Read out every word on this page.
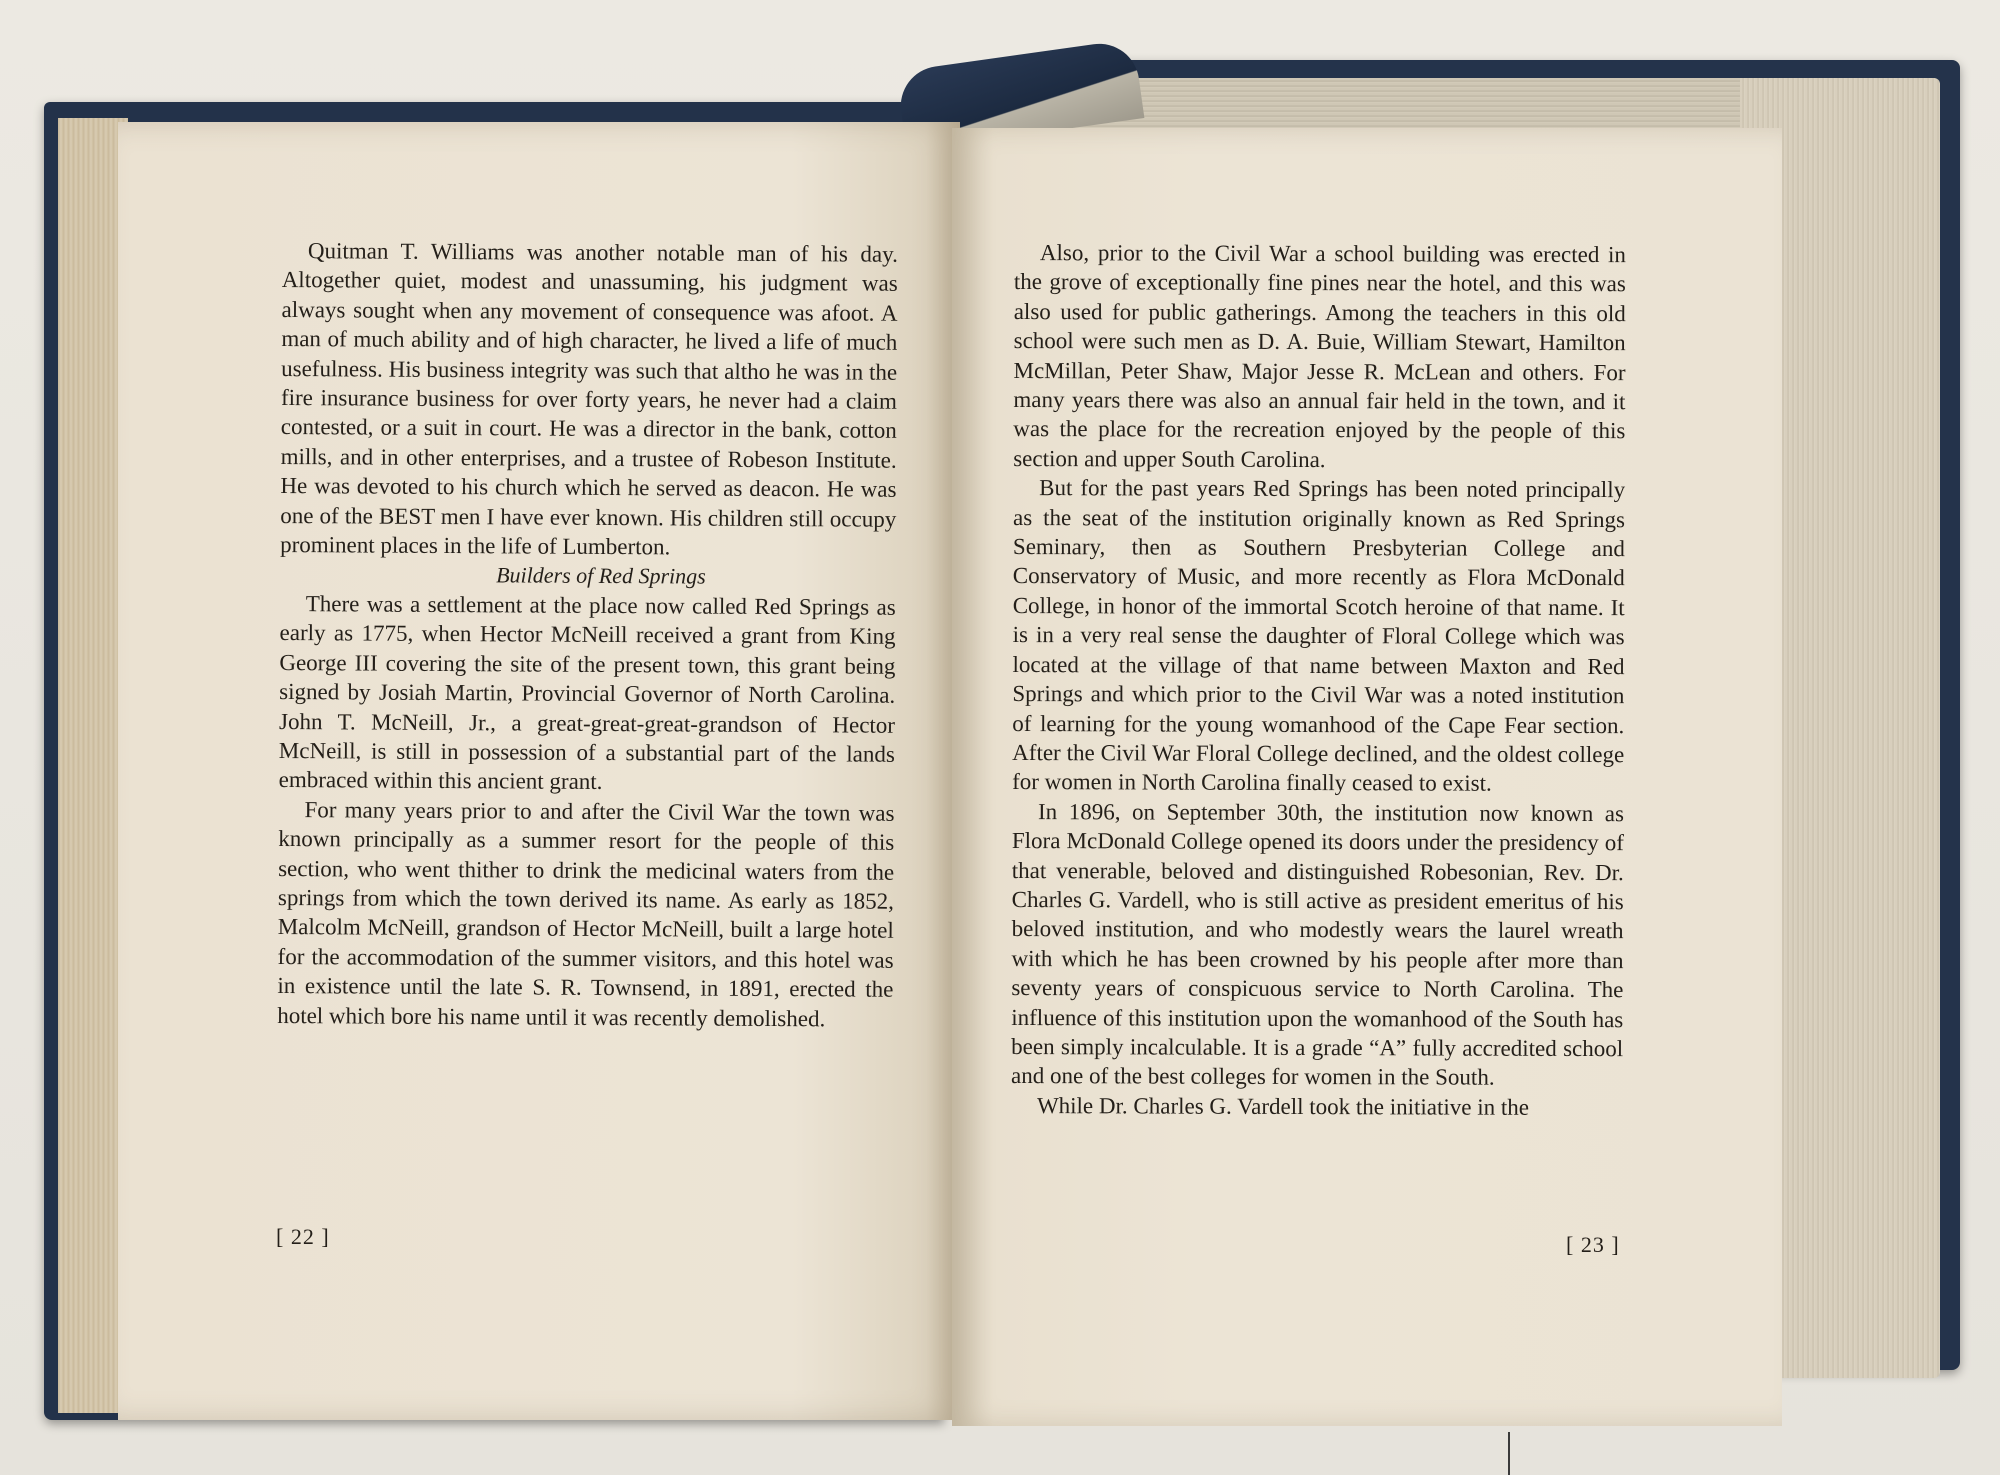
Quitman T. Williams was another notable man of his day. Altogether quiet, modest and unassuming, his judgment was always sought when any movement of consequence was afoot. A man of much ability and of high character, he lived a life of much usefulness. His business integrity was such that altho he was in the fire insurance business for over forty years, he never had a claim contested, or a suit in court. He was a director in the bank, cotton mills, and in other enterprises, and a trustee of Robeson Institute. He was devoted to his church which he served as deacon. He was one of the BEST men I have ever known. His children still occupy prominent places in the life of Lumberton.

Builders of Red Springs

There was a settlement at the place now called Red Springs as early as 1775, when Hector McNeill received a grant from King George III covering the site of the present town, this grant being signed by Josiah Martin, Provincial Governor of North Carolina. John T. McNeill, Jr., a great-great-great-grandson of Hector McNeill, is still in possession of a substantial part of the lands embraced within this ancient grant.

For many years prior to and after the Civil War the town was known principally as a summer resort for the people of this section, who went thither to drink the medicinal waters from the springs from which the town derived its name. As early as 1852, Malcolm McNeill, grandson of Hector McNeill, built a large hotel for the accommodation of the summer visitors, and this hotel was in existence until the late S. R. Townsend, in 1891, erected the hotel which bore his name until it was recently demolished.

[ 22 ]

Also, prior to the Civil War a school building was erected in the grove of exceptionally fine pines near the hotel, and this was also used for public gatherings. Among the teachers in this old school were such men as D. A. Buie, William Stewart, Hamilton McMillan, Peter Shaw, Major Jesse R. McLean and others. For many years there was also an annual fair held in the town, and it was the place for the recreation enjoyed by the people of this section and upper South Carolina.

But for the past years Red Springs has been noted principally as the seat of the institution originally known as Red Springs Seminary, then as Southern Presbyterian College and Conservatory of Music, and more recently as Flora McDonald College, in honor of the immortal Scotch heroine of that name. It is in a very real sense the daughter of Floral College which was located at the village of that name between Maxton and Red Springs and which prior to the Civil War was a noted institution of learning for the young womanhood of the Cape Fear section. After the Civil War Floral College declined, and the oldest college for women in North Carolina finally ceased to exist.

In 1896, on September 30th, the institution now known as Flora McDonald College opened its doors under the presidency of that venerable, beloved and distinguished Robesonian, Rev. Dr. Charles G. Vardell, who is still active as president emeritus of his beloved institution, and who modestly wears the laurel wreath with which he has been crowned by his people after more than seventy years of conspicuous service to North Carolina. The influence of this institution upon the womanhood of the South has been simply incalculable. It is a grade “A” fully accredited school and one of the best colleges for women in the South.

While Dr. Charles G. Vardell took the initiative in the

[ 23 ]
